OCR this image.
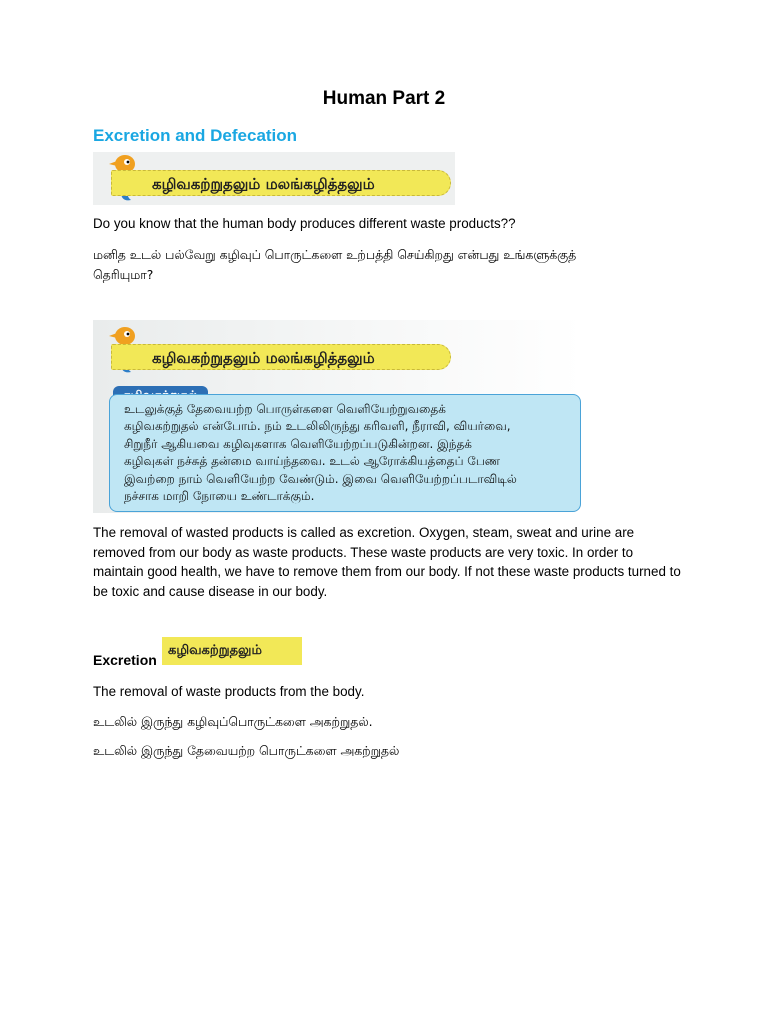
Human Part 2
Excretion and Defecation
கழிவகற்றுதலும் மலங்கழித்தலும்
Do you know that the human body produces different waste products??
மனித உடல் பல்வேறு கழிவுப் பொருட்களை உற்பத்தி செய்கிறது என்பது உங்களுக்குத்
தெரியுமா?
கழிவகற்றுதலும் மலங்கழித்தலும்
உடலுக்குத் தேவையற்ற பொருள்களை வெளியேற்றுவதைக்
கழிவகற்றுதல் என்போம். நம் உடலிலிருந்து கரிவளி, நீராவி, வியர்வை,
சிறுநீர் ஆகியவை கழிவுகளாக வெளியேற்றப்படுகின்றன. இந்தக்
கழிவுகள் நச்சுத் தன்மை வாய்ந்தவை. உடல் ஆரோக்கியத்தைப் பேண
இவற்றை நாம் வெளியேற்ற வேண்டும். இவை வெளியேற்றப்படாவிடில்
நச்சாக மாறி நோயை உண்டாக்கும்.
The removal of wasted products is called as excretion. Oxygen, steam, sweat and urine are removed from our body as waste products. These waste products are very toxic. In order to maintain good health, we have to remove them from our body. If not these waste products turned to be toxic and cause disease in our body.
Excretion
கழிவகற்றுதலும்
The removal of waste products from the body.
உடலில் இருந்து கழிவுப்பொருட்களை அகற்றுதல்.
உடலில் இருந்து தேவையற்ற பொருட்களை அகற்றுதல்
